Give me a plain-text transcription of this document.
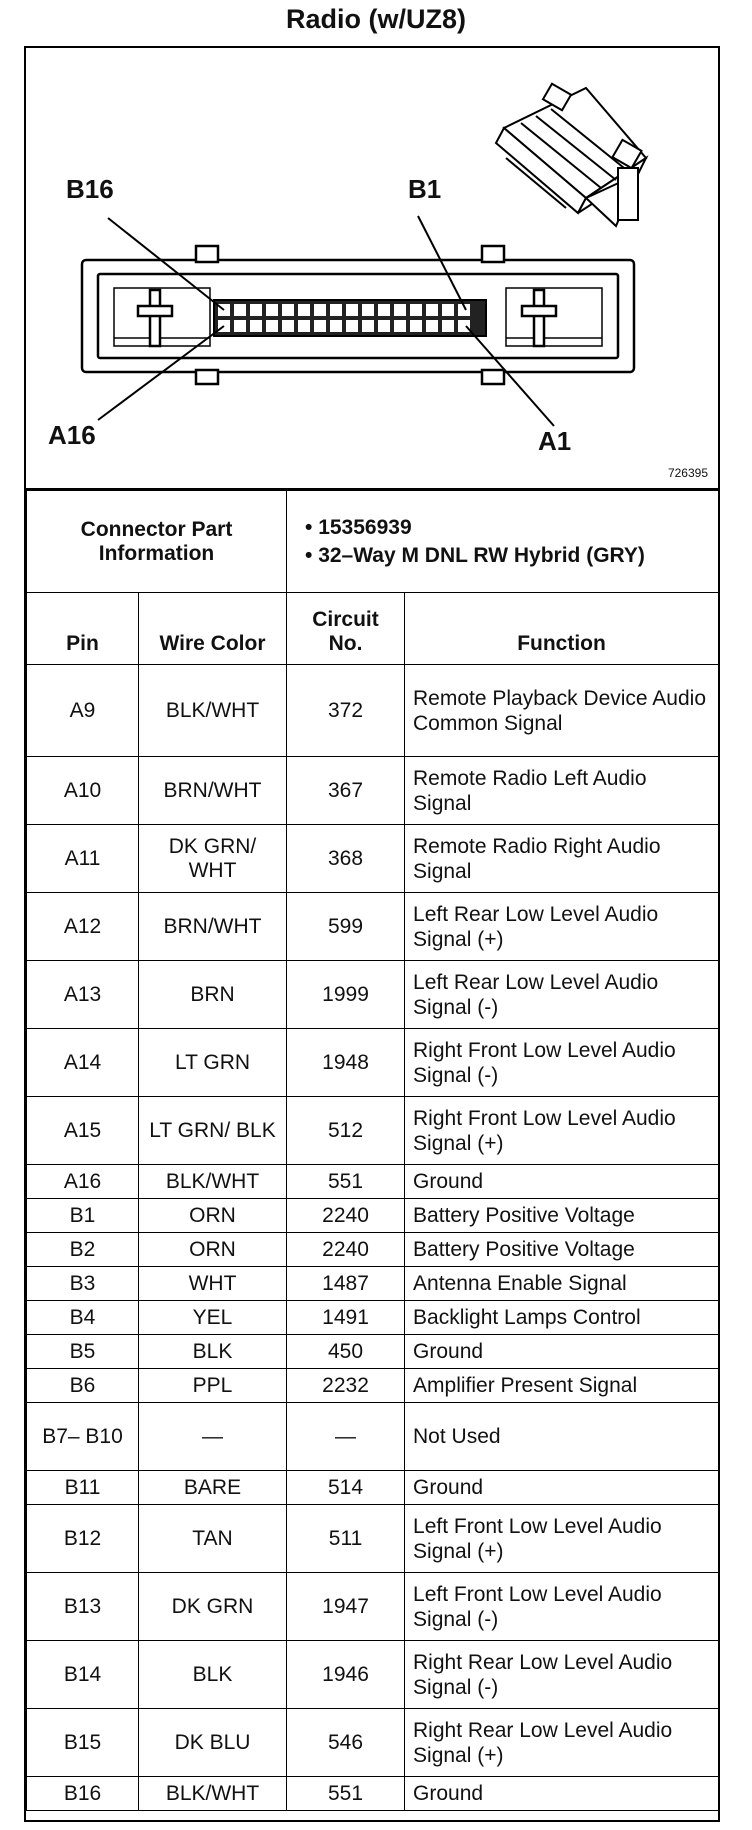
Radio (w/UZ8)
B16	B1
A16	A1
726395
Connector Part Information		• 15356939
• 32–Way M DNL RW Hybrid (GRY)	

Pin	Wire Color	Circuit No.	Function
A9	BLK/WHT	372	Remote Playback Device Audio Common Signal
A10	BRN/WHT	367	Remote Radio Left Audio Signal
A11	DK GRN/ WHT	368	Remote Radio Right Audio Signal
A12	BRN/WHT	599	Left Rear Low Level Audio Signal (+)
A13	BRN	1999	Left Rear Low Level Audio Signal (-)
A14	LT GRN	1948	Right Front Low Level Audio Signal (-)
A15	LT GRN/ BLK	512	Right Front Low Level Audio Signal (+)
A16	BLK/WHT	551	Ground
B1	ORN	2240	Battery Positive Voltage
B2	ORN	2240	Battery Positive Voltage
B3	WHT	1487	Antenna Enable Signal
B4	YEL	1491	Backlight Lamps Control
B5	BLK	450	Ground
B6	PPL	2232	Amplifier Present Signal
B7– B10	—	—	Not Used
B11	BARE	514	Ground
B12	TAN	511	Left Front Low Level Audio Signal (+)
B13	DK GRN	1947	Left Front Low Level Audio Signal (-)
B14	BLK	1946	Right Rear Low Level Audio Signal (-)
B15	DK BLU	546	Right Rear Low Level Audio Signal (+)
B16	BLK/WHT	551	Ground
